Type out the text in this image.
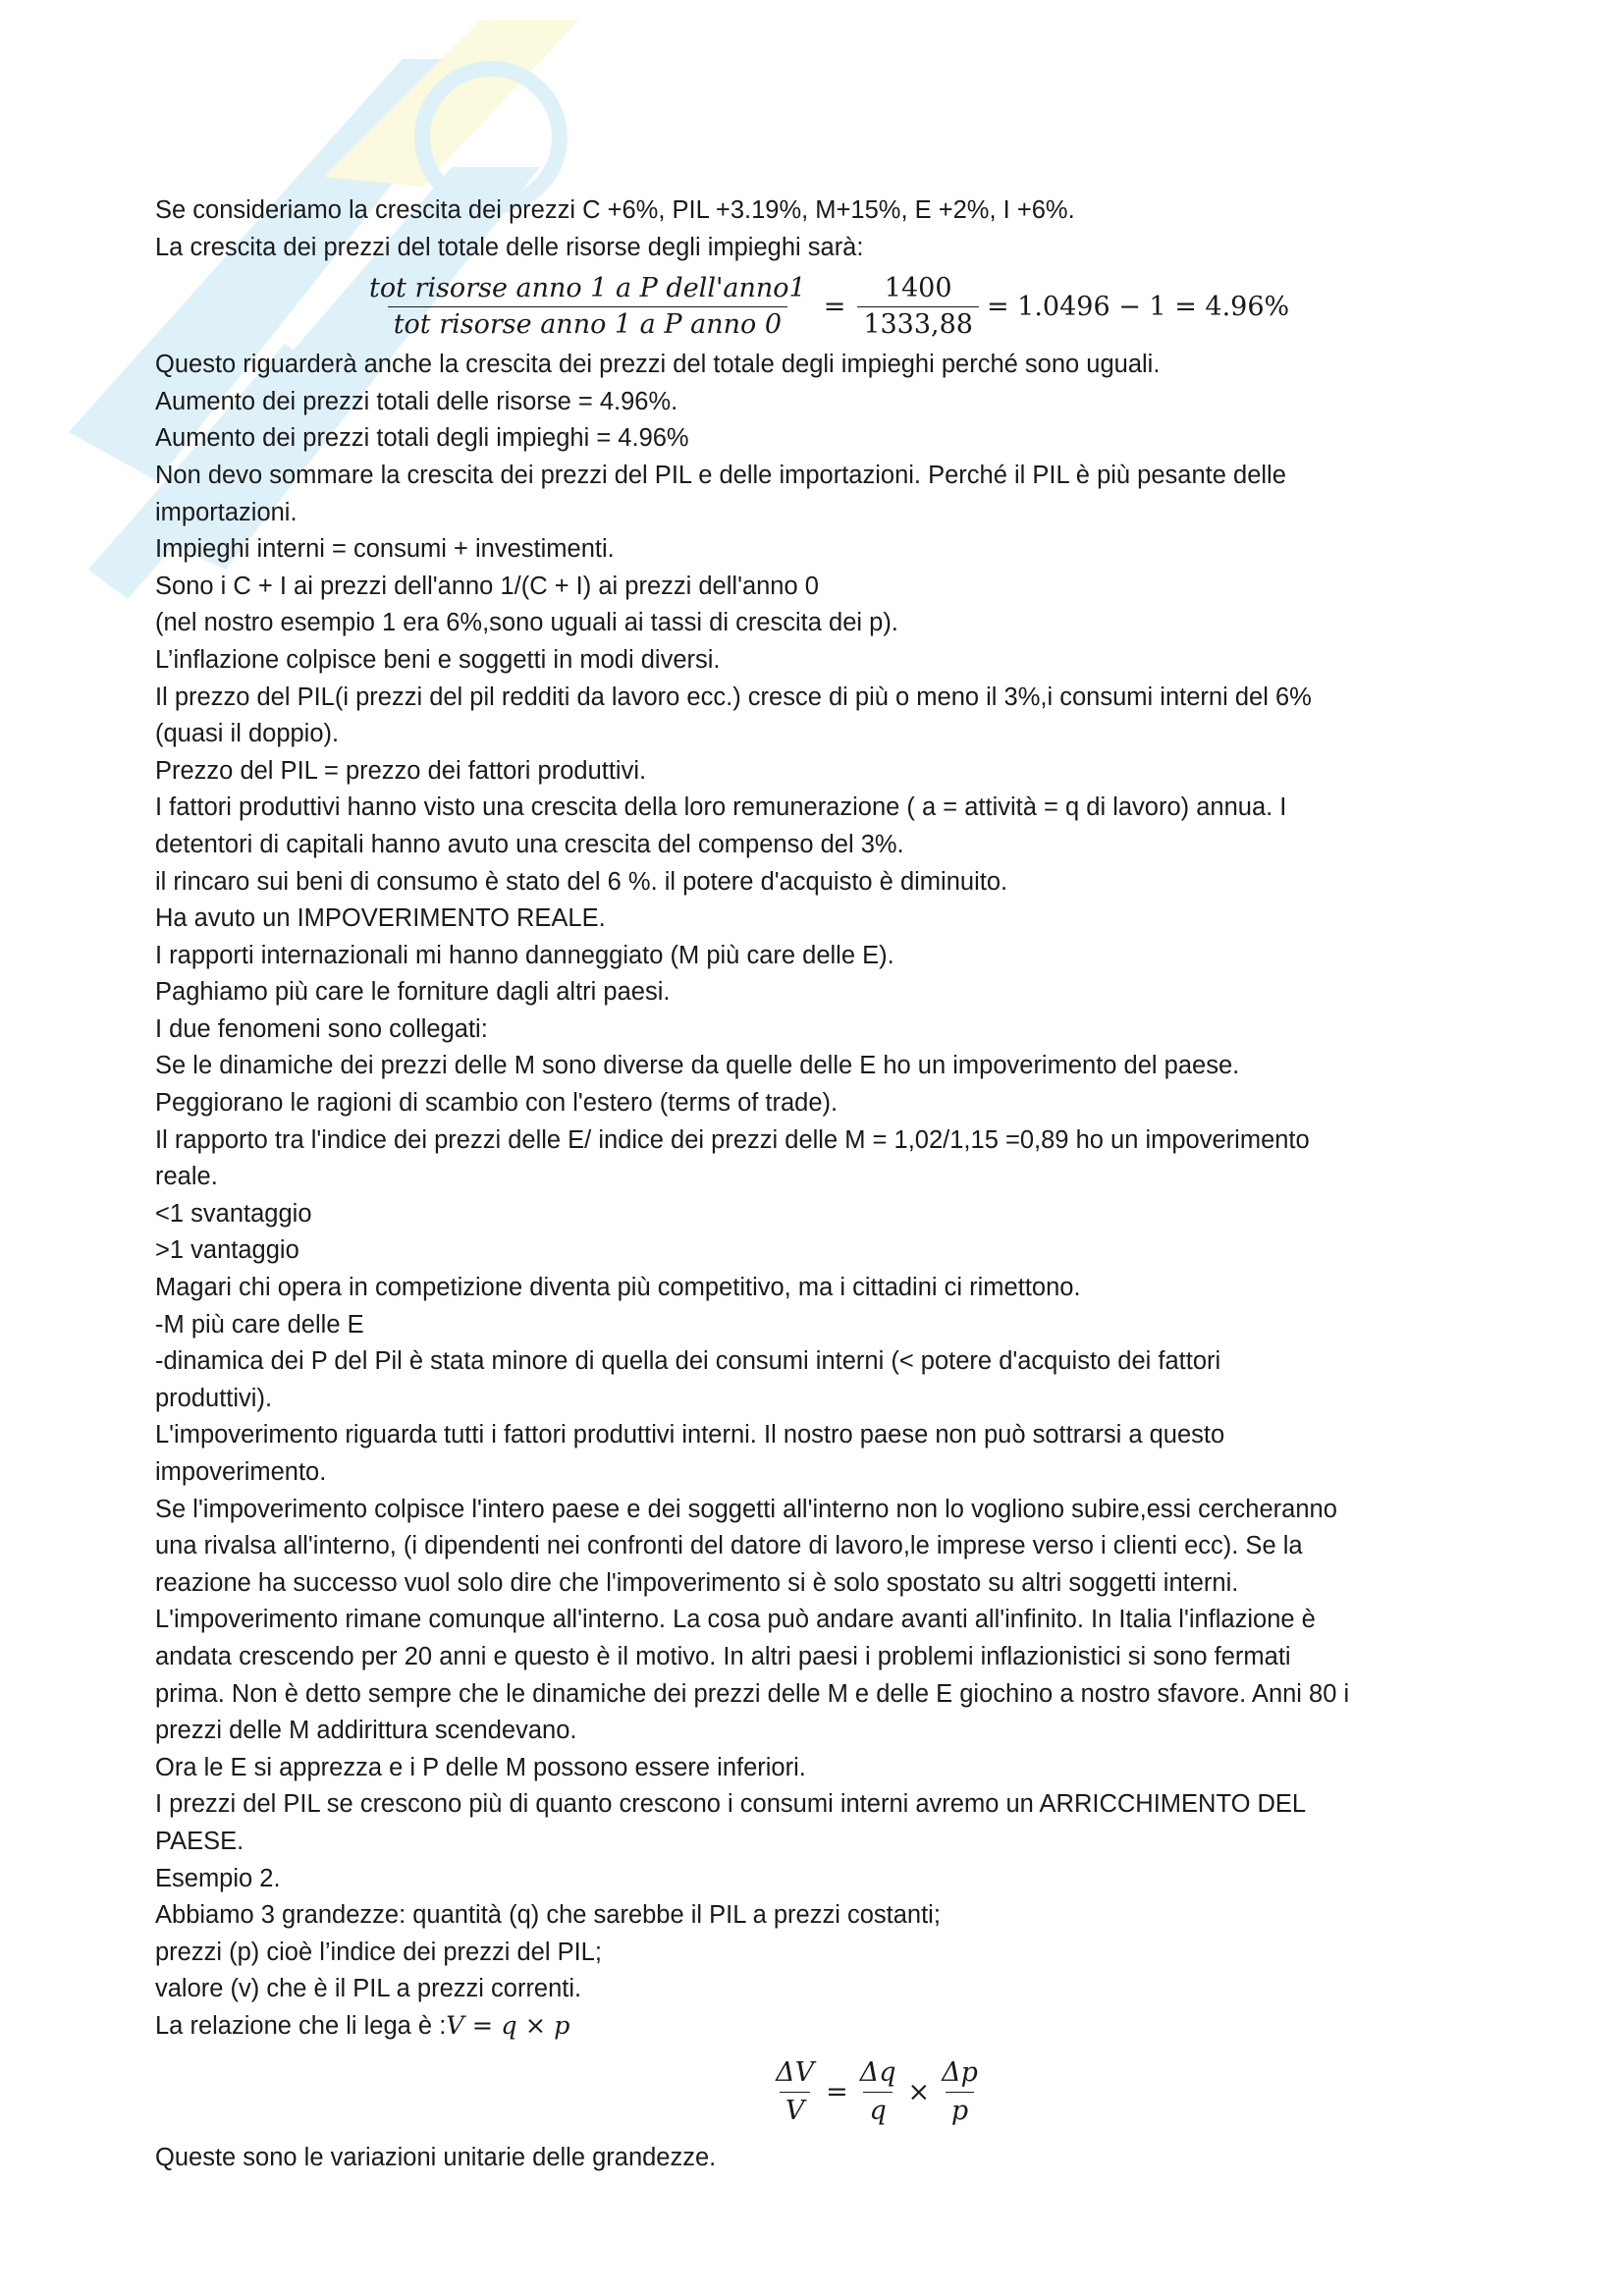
Se consideriamo la crescita dei prezzi C +6%, PIL +3.19%, M+15%, E +2%, I +6%.
La crescita dei prezzi del totale delle risorse degli impieghi sarà:
$\frac{\text{tot risorse anno 1 a P dell'anno1}}{\text{tot risorse anno 1 a P anno 0}} = \frac{1400}{1333,88} = 1.0496 - 1 = 4.96\%$
Questo riguarderà anche la crescita dei prezzi del totale degli impieghi perché sono uguali.
Aumento dei prezzi totali delle risorse = 4.96%.
Aumento dei prezzi totali degli impieghi = 4.96%
Non devo sommare la crescita dei prezzi del PIL e delle importazioni. Perché il PIL è più pesante delle
importazioni.
Impieghi interni = consumi + investimenti.
Sono i C + I ai prezzi dell'anno 1/(C + I) ai prezzi dell'anno 0
(nel nostro esempio 1 era 6%,sono uguali ai tassi di crescita dei p).
L’inflazione colpisce beni e soggetti in modi diversi.
Il prezzo del PIL(i prezzi del pil redditi da lavoro ecc.) cresce di più o meno il 3%,i consumi interni del 6%
(quasi il doppio).
Prezzo del PIL = prezzo dei fattori produttivi.
I fattori produttivi hanno visto una crescita della loro remunerazione ( a = attività = q di lavoro) annua. I
detentori di capitali hanno avuto una crescita del compenso del 3%.
il rincaro sui beni di consumo è stato del 6 %. il potere d'acquisto è diminuito.
Ha avuto un IMPOVERIMENTO REALE.
I rapporti internazionali mi hanno danneggiato (M più care delle E).
Paghiamo più care le forniture dagli altri paesi.
I due fenomeni sono collegati:
Se le dinamiche dei prezzi delle M sono diverse da quelle delle E ho un impoverimento del paese.
Peggiorano le ragioni di scambio con l'estero (terms of trade).
Il rapporto tra l'indice dei prezzi delle E/ indice dei prezzi delle M = 1,02/1,15 =0,89 ho un impoverimento
reale.
<1 svantaggio
>1 vantaggio
Magari chi opera in competizione diventa più competitivo, ma i cittadini ci rimettono.
-M più care delle E
-dinamica dei P del Pil è stata minore di quella dei consumi interni (< potere d'acquisto dei fattori
produttivi).
L'impoverimento riguarda tutti i fattori produttivi interni. Il nostro paese non può sottrarsi a questo
impoverimento.
Se l'impoverimento colpisce l'intero paese e dei soggetti all'interno non lo vogliono subire,essi cercheranno
una rivalsa all'interno, (i dipendenti nei confronti del datore di lavoro,le imprese verso i clienti ecc). Se la
reazione ha successo vuol solo dire che l'impoverimento si è solo spostato su altri soggetti interni.
L'impoverimento rimane comunque all'interno. La cosa può andare avanti all'infinito. In Italia l'inflazione è
andata crescendo per 20 anni e questo è il motivo. In altri paesi i problemi inflazionistici si sono fermati
prima. Non è detto sempre che le dinamiche dei prezzi delle M e delle E giochino a nostro sfavore. Anni 80 i
prezzi delle M addirittura scendevano.
Ora le E si apprezza e i P delle M possono essere inferiori.
I prezzi del PIL se crescono più di quanto crescono i consumi interni avremo un ARRICCHIMENTO DEL
PAESE.
Esempio 2.
Abbiamo 3 grandezze: quantità (q) che sarebbe il PIL a prezzi costanti;
prezzi (p) cioè l’indice dei prezzi del PIL;
valore (v) che è il PIL a prezzi correnti.
La relazione che li lega è :V = q × p
$\frac{\Delta V}{V} = \frac{\Delta q}{q} \times \frac{\Delta p}{p}$
Queste sono le variazioni unitarie delle grandezze.
